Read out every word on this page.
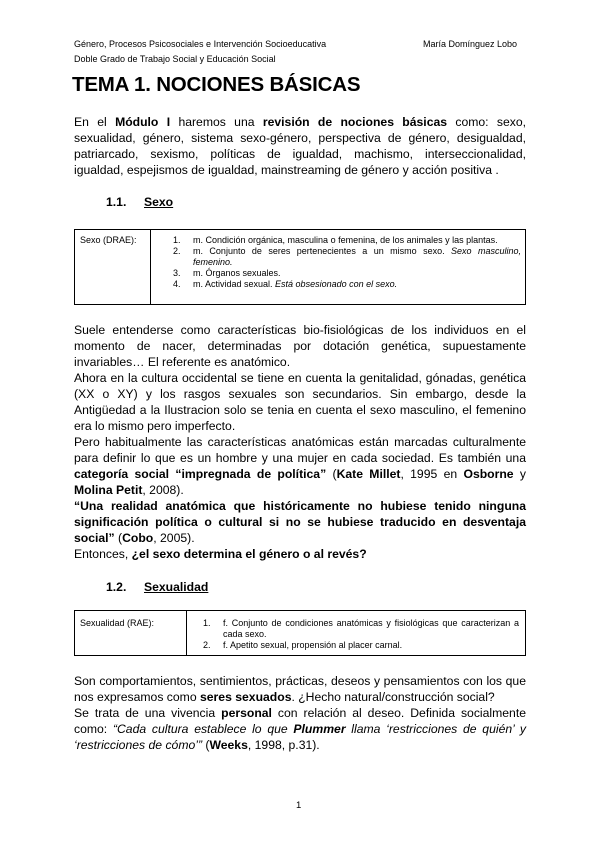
Género, Procesos Psicosociales e Intervención Socioeducativa
Doble Grado de Trabajo Social y Educación Social
María Domínguez Lobo
TEMA 1. NOCIONES BÁSICAS

En el Módulo I haremos una revisión de nociones básicas como: sexo, sexualidad, género, sistema sexo-género, perspectiva de género, desigualdad, patriarcado, sexismo, políticas de igualdad, machismo, interseccionalidad, igualdad, espejismos de igualdad, mainstreaming de género y acción positiva .

1.1. Sexo
Sexo (DRAE):	1. m. Condición orgánica, masculina o femenina, de los animales y las plantas.
2. m. Conjunto de seres pertenecientes a un mismo sexo. Sexo masculino, femenino.
3. m. Órganos sexuales.
4. m. Actividad sexual. Está obsesionado con el sexo.

Suele entenderse como características bio-fisiológicas de los individuos en el momento de nacer, determinadas por dotación genética, supuestamente invariables… El referente es anatómico.

Ahora en la cultura occidental se tiene en cuenta la genitalidad, gónadas, genética (XX o XY) y los rasgos sexuales son secundarios. Sin embargo, desde la Antigüedad a la Ilustracion solo se tenia en cuenta el sexo masculino, el femenino era lo mismo pero imperfecto.

Pero habitualmente las características anatómicas están marcadas culturalmente para definir lo que es un hombre y una mujer en cada sociedad. Es también una categoría social “impregnada de política” (Kate Millet, 1995 en Osborne y Molina Petit, 2008).

“Una realidad anatómica que históricamente no hubiese tenido ninguna significación política o cultural si no se hubiese traducido en desventaja social” (Cobo, 2005).

Entonces, ¿el sexo determina el género o al revés?

1.2. Sexualidad
Sexualidad (RAE):	1. f. Conjunto de condiciones anatómicas y fisiológicas que caracterizan a cada sexo.
2. f. Apetito sexual, propensión al placer carnal.

Son comportamientos, sentimientos, prácticas, deseos y pensamientos con los que nos expresamos como seres sexuados. ¿Hecho natural/construcción social?

Se trata de una vivencia personal con relación al deseo. Definida socialmente como: “Cada cultura establece lo que Plummer llama ‘restricciones de quién’ y ‘restricciones de cómo’” (Weeks, 1998, p.31).

1
